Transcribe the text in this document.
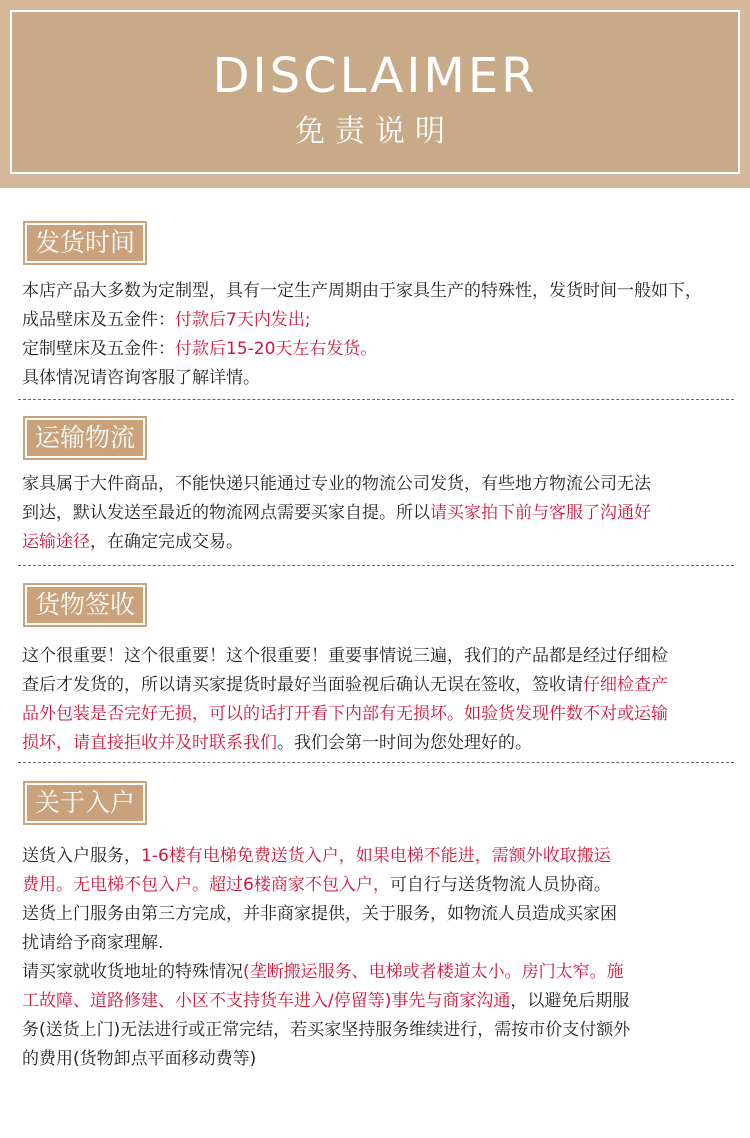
DISCLAIMER
免责说明
发货时间
本店产品大多数为定制型，具有一定生产周期由于家具生产的特殊性，发货时间一般如下，
成品壁床及五金件：付款后7天内发出;
定制壁床及五金件：付款后15-20天左右发货。
具体情况请咨询客服了解详情。
运输物流
家具属于大件商品，不能快递只能通过专业的物流公司发货，有些地方物流公司无法
到达，默认发送至最近的物流网点需要买家自提。所以请买家拍下前与客服了沟通好
运输途径，在确定完成交易。
货物签收
这个很重要！这个很重要！这个很重要！重要事情说三遍，我们的产品都是经过仔细检
查后才发货的，所以请买家提货时最好当面验视后确认无误在签收，签收请仔细检查产
品外包装是否完好无损，可以的话打开看下内部有无损坏。如验货发现件数不对或运输
损坏，请直接拒收并及时联系我们。我们会第一时间为您处理好的。
关于入户
送货入户服务，1-6楼有电梯免费送货入户，如果电梯不能进，需额外收取搬运
费用。无电梯不包入户。超过6楼商家不包入户，可自行与送货物流人员协商。
送货上门服务由第三方完成，并非商家提供，关于服务，如物流人员造成买家困
扰请给予商家理解.
请买家就收货地址的特殊情况(垄断搬运服务、电梯或者楼道太小。房门太窄。施
工故障、道路修建、小区不支持货车进入/停留等)事先与商家沟通，以避免后期服
务(送货上门)无法进行或正常完结，若买家坚持服务维续进行，需按市价支付额外
的费用(货物卸点平面移动费等)
